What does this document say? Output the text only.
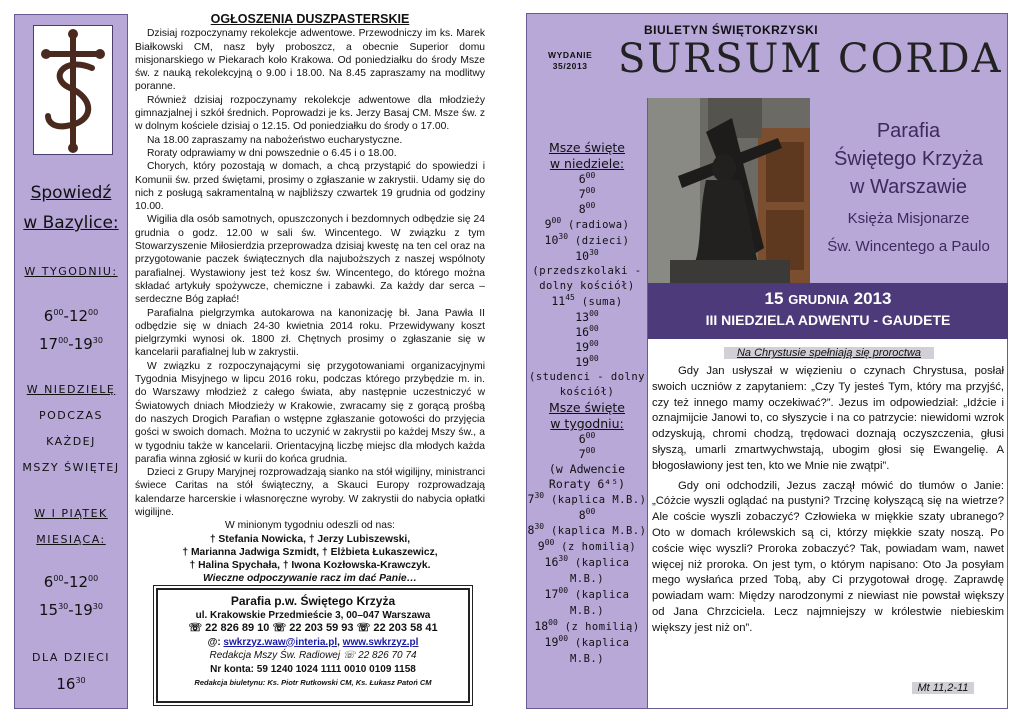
Spowiedź
w Bazylice:
W TYGODNIU:
$6^{00}-12^{00}$
$17^{00}-19^{30}$
W NIEDZIELĘ
PODCZAS
KAŻDEJ
MSZY ŚWIĘTEJ
W I PIĄTEK
MIESIĄCA:
$6^{00}-12^{00}$
$15^{30}-19^{30}$
DLA DZIECI
$16^{30}$
OGŁOSZENIA DUSZPASTERSKIE

Dzisiaj rozpoczynamy rekolekcje adwentowe. Przewodniczy im ks. Marek Białkowski CM, nasz były proboszcz, a obecnie Superior domu misjonarskiego w Piekarach koło Krakowa. Od poniedziałku do środy Msze św. z nauką rekolekcyjną o 9.00 i 18.00. Na 8.45 zapraszamy na modlitwy poranne.

Również dzisiaj rozpoczynamy rekolekcje adwentowe dla młodzieży gimnazjalnej i szkół średnich. Poprowadzi je ks. Jerzy Basaj CM. Msze św. z w dolnym kościele dzisiaj o 12.15. Od poniedziałku do środy o 17.00.

Na 18.00 zapraszamy na nabożeństwo eucharystyczne.

Roraty odprawiamy w dni powszednie o 6.45 i o 18.00.

Chorych, który pozostają w domach, a chcą przystąpić do spowiedzi i Komunii św. przed świętami, prosimy o zgłaszanie w zakrystii. Udamy się do nich z posługą sakramentalną w najbliższy czwartek 19 grudnia od godziny 10.00.

Wigilia dla osób samotnych, opuszczonych i bezdomnych odbędzie się 24 grudnia o godz. 12.00 w sali św. Wincentego. W związku z tym Stowarzyszenie Miłosierdzia przeprowadza dzisiaj kwestę na ten cel oraz na przygotowanie paczek świątecznych dla najuboższych z naszej wspólnoty parafialnej. Wystawiony jest też kosz św. Wincentego, do którego można składać artykuły spożywcze, chemiczne i zabawki. Za każdy dar serca – serdeczne Bóg zapłać!

Parafialna pielgrzymka autokarowa na kanonizację bł. Jana Pawła II odbędzie się w dniach 24-30 kwietnia 2014 roku. Przewidywany koszt pielgrzymki wynosi ok. 1800 zł. Chętnych prosimy o zgłaszanie się w kancelarii parafialnej lub w zakrystii.

W związku z rozpoczynającymi się przygotowaniami organizacyjnymi Tygodnia Misyjnego w lipcu 2016 roku, podczas którego przybędzie m. in. do Warszawy młodzież z całego świata, aby następnie uczestniczyć w Światowych dniach Młodzieży w Krakowie, zwracamy się z gorącą prośbą do naszych Drogich Parafian o wstępne zgłaszanie gotowości do przyjęcia gości w swoich domach. Można to uczynić w zakrystii po każdej Mszy św., a w tygodniu także w kancelarii. Orientacyjną liczbę miejsc dla młodych każda parafia winna zgłosić w kurii do końca grudnia.

Dzieci z Grupy Maryjnej rozprowadzają sianko na stół wigilijny, ministranci świece Caritas na stół świąteczny, a Skauci Europy rozprowadzają kalendarze harcerskie i własnoręczne wyroby. W zakrystii do nabycia opłatki wigilijne.

W minionym tygodniu odeszli od nas:

† Stefania Nowicka, † Jerzy Lubiszewski,

† Marianna Jadwiga Szmidt, † Elżbieta Łukaszewicz,

† Halina Spychała, † Iwona Kozłowska-Krawczyk.

Wieczne odpoczywanie racz im dać Panie…

Parafia p.w. Świętego Krzyża
ul. Krakowskie Przedmieście 3, 00–047 Warszawa
☏ 22 826 89 10 ☏ 22 203 59 93 ☏ 22 203 58 41
@: swkrzyz.waw@interia.pl, www.swkrzyz.pl
Redakcja Mszy Św. Radiowej ☏ 22 826 70 74
Nr konta: 59 1240 1024 1111 0010 0109 1158
Redakcja biuletynu: Ks. Piotr Rutkowski CM, Ks. Łukasz Patoń CM
BIULETYN ŚWIĘTOKRZYSKI
WYDANIE
35/2013 SURSUM CORDA
Msze święte
w niedziele:
$6^{00}$
$7^{00}$
$8^{00}$
$9^{00}$ (radiowa)
$10^{30}$ (dzieci)
$10^{30}$
(przedszkolaki - dolny kościół)
$11^{45}$ (suma)
$13^{00}$
$16^{00}$
$19^{00}$
$19^{00}$
(studenci - dolny kościół)
Msze święte
w tygodniu:
$6^{00}$
$7^{00}$
(w Adwencie Roraty 6⁴⁵)
$7^{30}$ (kaplica M.B.)
$8^{00}$
$8^{30}$ (kaplica M.B.)
$9^{00}$ (z homilią)
$16^{30}$ (kaplica M.B.)
$17^{00}$ (kaplica M.B.)
$18^{00}$ (z homilią)
$19^{00}$ (kaplica M.B.)
Parafia
Świętego Krzyża
w Warszawie
Księża Misjonarze
Św. Wincentego a Paulo
15 GRUDNIA 2013
III NIEDZIELA ADWENTU - GAUDETE
Na Chrystusie spełniają się proroctwa

Gdy Jan usłyszał w więzieniu o czynach Chrystusa, posłał swoich uczniów z zapytaniem: „Czy Ty jesteś Tym, który ma przyjść, czy też innego mamy oczekiwać?”. Jezus im odpowiedział: „Idźcie i oznajmijcie Janowi to, co słyszycie i na co patrzycie: niewidomi wzrok odzyskują, chromi chodzą, trędowaci doznają oczyszczenia, głusi słyszą, umarli zmartwychwstają, ubogim głosi się Ewangelię. A błogosławiony jest ten, kto we Mnie nie zwątpi”.

Gdy oni odchodzili, Jezus zaczął mówić do tłumów o Janie: „Cóżcie wyszli oglądać na pustyni? Trzcinę kołyszącą się na wietrze? Ale coście wyszli zobaczyć? Człowieka w miękkie szaty ubranego? Oto w domach królewskich są ci, którzy miękkie szaty noszą. Po coście więc wyszli? Proroka zobaczyć? Tak, powiadam wam, nawet więcej niż proroka. On jest tym, o którym napisano: Oto Ja posyłam mego wysłańca przed Tobą, aby Ci przygotował drogę. Zaprawdę powiadam wam: Między narodzonymi z niewiast nie powstał większy od Jana Chrzciciela. Lecz najmniejszy w królestwie niebieskim większy jest niż on”.

Mt 11,2-11
